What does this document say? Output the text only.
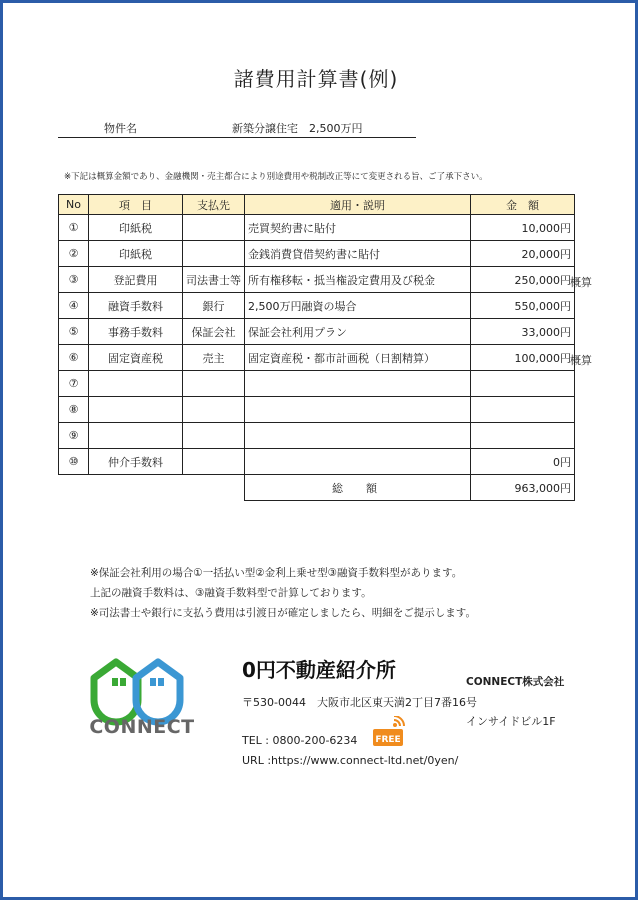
諸費用計算書(例)
物件名	新築分譲住宅　2,500万円
※下記は概算金額であり、金融機関・売主都合により別途費用や税制改正等にて変更される旨、ご了承下さい。
No	項　目	支払先	適用・説明	金　額
①	印紙税		売買契約書に貼付	10,000円
②	印紙税		金銭消費貸借契約書に貼付	20,000円
③	登記費用	司法書士等	所有権移転・抵当権設定費用及び税金	250,000円
④	融資手数料	銀行	2,500万円融資の場合	550,000円
⑤	事務手数料	保証会社	保証会社利用プラン	33,000円
⑥	固定資産税	売主	固定資産税・都市計画税（日割精算）	100,000円
⑦				
⑧				
⑨				
⑩	仲介手数料			0円
			総　額	963,000円
概算
概算
※保証会社利用の場合①一括払い型②金利上乗せ型③融資手数料型があります。
上記の融資手数料は、③融資手数料型で計算しております。
※司法書士や銀行に支払う費用は引渡日が確定しましたら、明細をご提示します。
CONNECT
0円不動産紹介所	CONNECT株式会社
〒530-0044　大阪市北区東天満2丁目7番16号
インサイドビル1F
TEL : 0800-200-6234
URL :https://www.connect-ltd.net/0yen/
FREE
